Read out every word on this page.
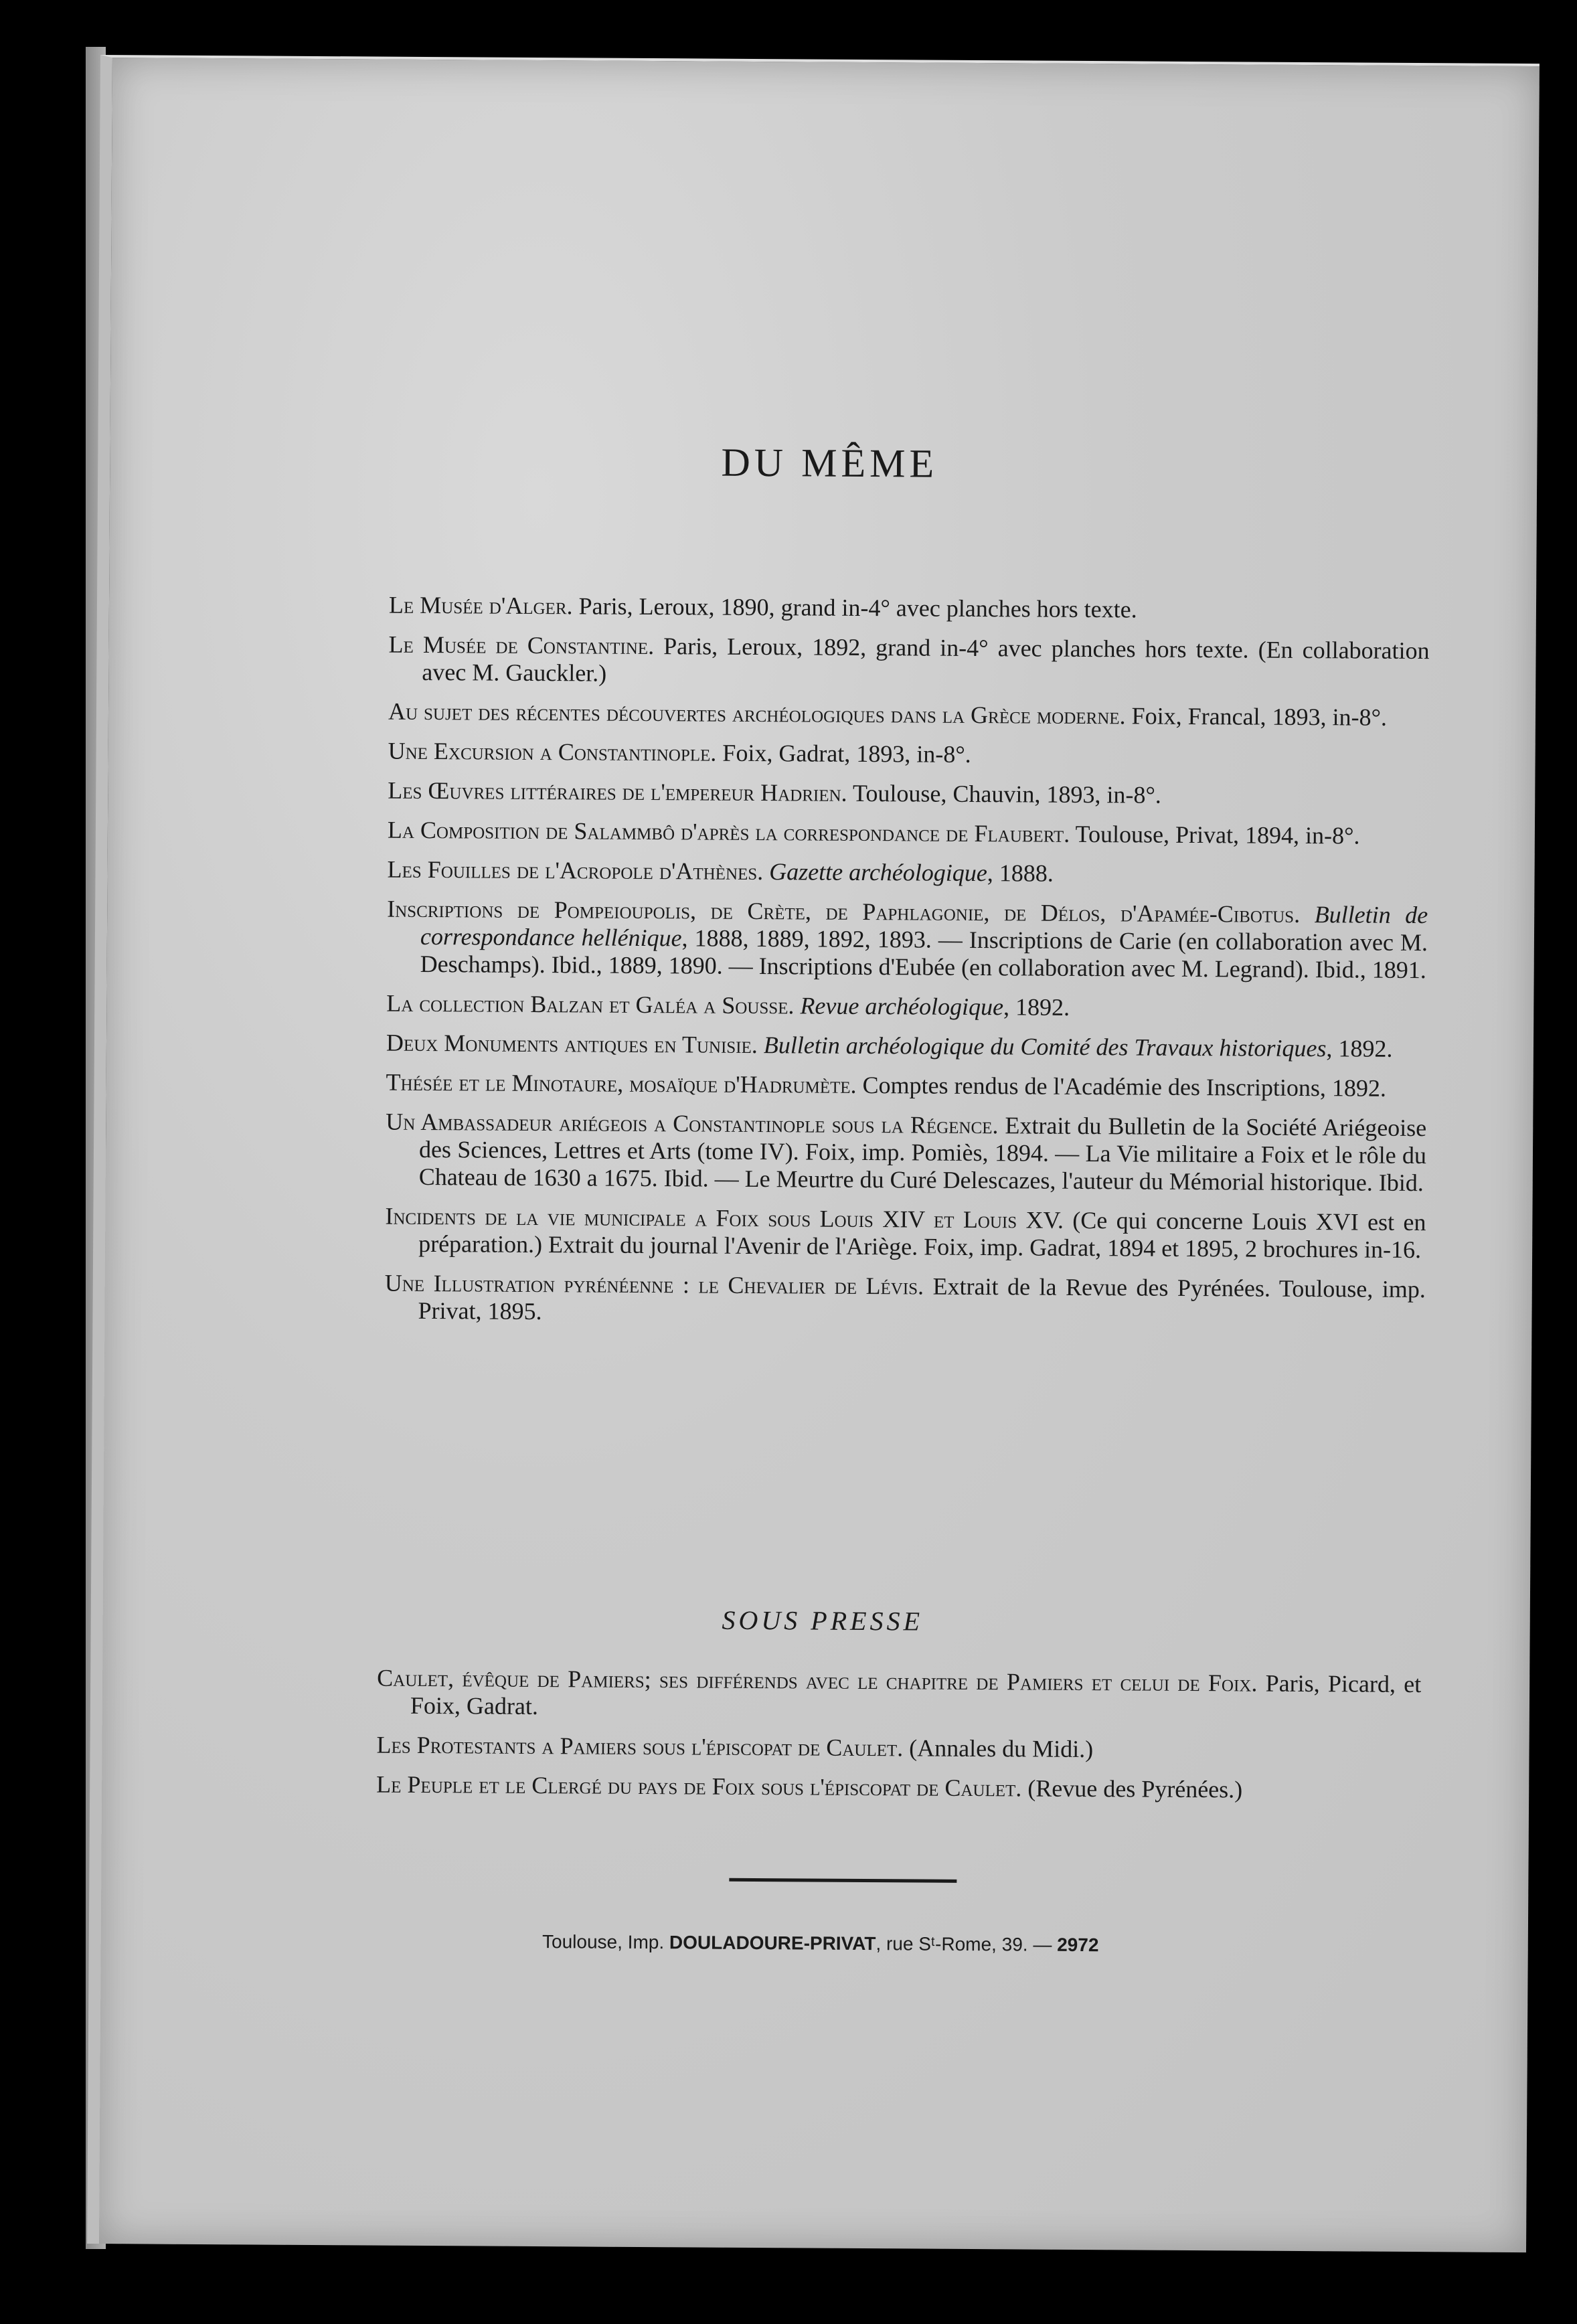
DU MÊME
Le Musée d'Alger. Paris, Leroux, 1890, grand in-4° avec planches hors texte.
Le Musée de Constantine. Paris, Leroux, 1892, grand in-4° avec planches hors texte. (En collaboration avec M. Gauckler.)
Au sujet des récentes découvertes archéologiques dans la Grèce moderne. Foix, Francal, 1893, in-8°.
Une Excursion a Constantinople. Foix, Gadrat, 1893, in-8°.
Les Œuvres littéraires de l'empereur Hadrien. Toulouse, Chauvin, 1893, in-8°.
La Composition de Salammbô d'après la correspondance de Flaubert. Toulouse, Privat, 1894, in-8°.
Les Fouilles de l'Acropole d'Athènes. Gazette archéologique, 1888.
Inscriptions de Pompeioupolis, de Crète, de Paphlagonie, de Délos, d'Apamée-Cibotus. Bulletin de correspondance hellénique, 1888, 1889, 1892, 1893. — Inscriptions de Carie (en collaboration avec M. Deschamps). Ibid., 1889, 1890. — Inscriptions d'Eubée (en collaboration avec M. Legrand). Ibid., 1891.
La collection Balzan et Galéa a Sousse. Revue archéologique, 1892.
Deux Monuments antiques en Tunisie. Bulletin archéologique du Comité des Travaux historiques, 1892.
Thésée et le Minotaure, mosaïque d'Hadrumète. Comptes rendus de l'Académie des Inscriptions, 1892.
Un Ambassadeur ariégeois a Constantinople sous la Régence. Extrait du Bulletin de la Société Ariégeoise des Sciences, Lettres et Arts (tome IV). Foix, imp. Pomiès, 1894. — La Vie militaire a Foix et le rôle du Chateau de 1630 a 1675. Ibid. — Le Meurtre du Curé Delescazes, l'auteur du Mémorial historique. Ibid.
Incidents de la vie municipale a Foix sous Louis XIV et Louis XV. (Ce qui concerne Louis XVI est en préparation.) Extrait du journal l'Avenir de l'Ariège. Foix, imp. Gadrat, 1894 et 1895, 2 brochures in-16.
Une Illustration pyrénéenne : le Chevalier de Lévis. Extrait de la Revue des Pyrénées. Toulouse, imp. Privat, 1895.
SOUS PRESSE
Caulet, évêque de Pamiers; ses différends avec le chapitre de Pamiers et celui de Foix. Paris, Picard, et Foix, Gadrat.
Les Protestants a Pamiers sous l'épiscopat de Caulet. (Annales du Midi.)
Le Peuple et le Clergé du pays de Foix sous l'épiscopat de Caulet. (Revue des Pyrénées.)
Toulouse, Imp. DOULADOURE-PRIVAT, rue Sᵗ-Rome, 39. — 2972
